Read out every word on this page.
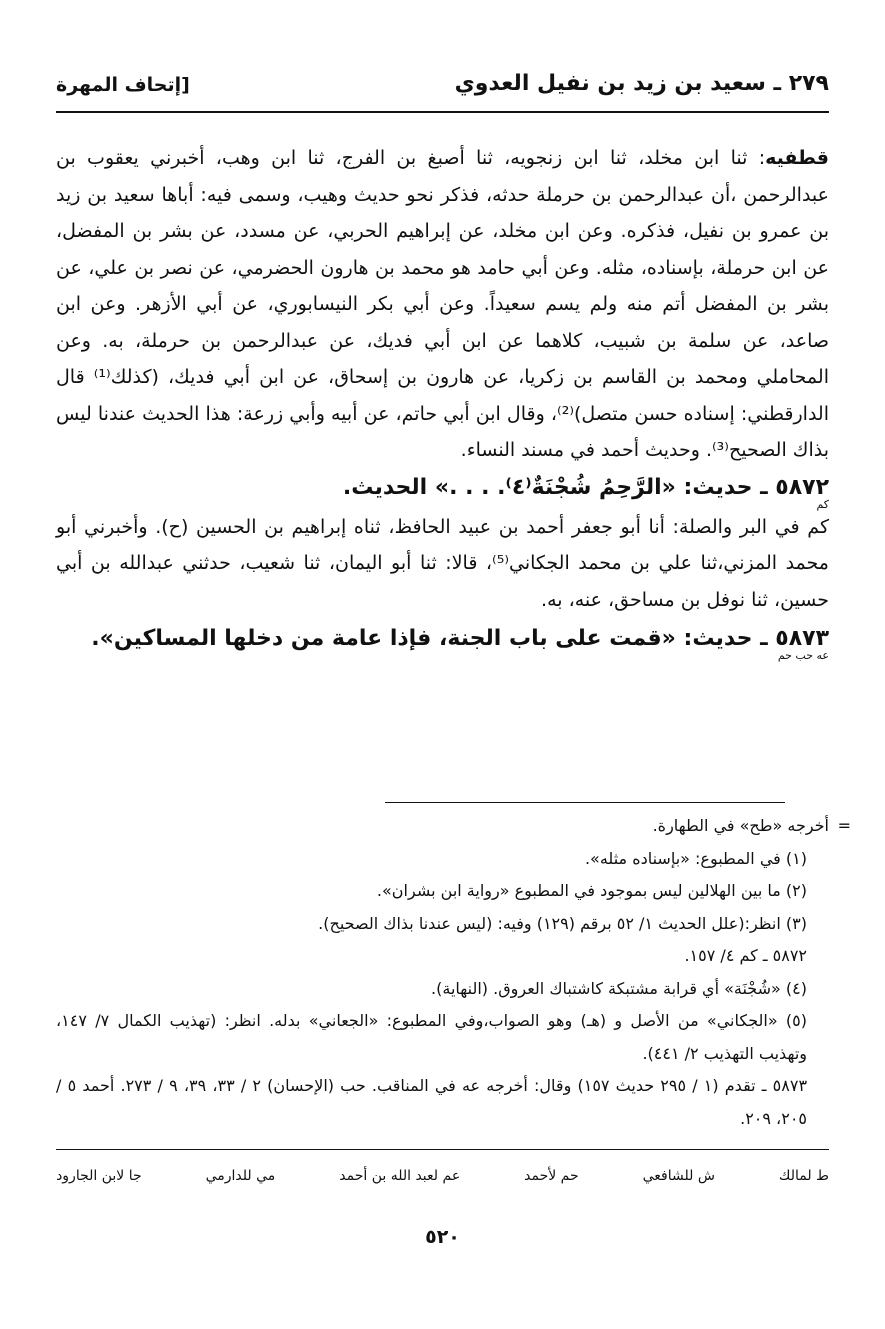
٢٧٩ ـ سعيد بن زيد بن نفيل العدوي
[إتحاف المهرة

قطفيه: ثنا ابن مخلد، ثنا ابن زنجويه، ثنا أصبغ بن الفرج، ثنا ابن وهب، أخبرني يعقوب بن عبدالرحمن ،أن عبدالرحمن بن حرملة حدثه، فذكر نحو حديث وهيب، وسمى فيه: أباها سعيد بن زيد بن عمرو بن نفيل، فذكره. وعن ابن مخلد، عن إبراهيم الحربي، عن مسدد، عن بشر بن المفضل، عن ابن حرملة، بإسناده، مثله. وعن أبي حامد هو محمد بن هارون الحضرمي، عن نصر بن علي، عن بشر بن المفضل أتم منه ولم يسم سعيداً. وعن أبي بكر النيسابوري، عن أبي الأزهر. وعن ابن صاعد، عن سلمة بن شبيب، كلاهما عن ابن أبي فديك، عن عبدالرحمن بن حرملة، به. وعن المحاملي ومحمد بن القاسم بن زكريا، عن هارون بن إسحاق، عن ابن أبي فديك، (كذلك⁽¹⁾ قال الدارقطني: إسناده حسن متصل)⁽²⁾، وقال ابن أبي حاتم، عن أبيه وأبي زرعة: هذا الحديث عندنا ليس بذاك الصحيح⁽³⁾. وحديث أحمد في مسند النساء.

٥٨٧٢ ـ حديث: «الرَّحِمُ شُجْنَةٌ⁽٤⁾. . . .» الحديث.
كم

كم في البر والصلة: أنا أبو جعفر أحمد بن عبيد الحافظ، ثناه إبراهيم بن الحسين (ح). وأخبرني أبو محمد المزني،ثنا علي بن محمد الجكاني⁽⁵⁾، قالا: ثنا أبو اليمان، ثنا شعيب، حدثني عبدالله بن أبي حسين، ثنا نوفل بن مساحق، عنه، به.

٥٨٧٣ ـ حديث: «قمت على باب الجنة، فإذا عامة من دخلها المساكين».
عه حب حم

=
أخرجه «طح» في الطهارة.

(١) في المطبوع: «بإسناده مثله».

(٢) ما بين الهلالين ليس بموجود في المطبوع «رواية ابن بشران».

(٣) انظر:(علل الحديث ١/ ٥٢ برقم (١٢٩) وفيه: (ليس عندنا بذاك الصحيح).

٥٨٧٢ ـ كم ٤/ ١٥٧.

(٤) «شُجْنَة» أي قرابة مشتبكة كاشتباك العروق. (النهاية).

(٥) «الجكاني» من الأصل و (هـ) وهو الصواب،وفي المطبوع: «الجعاني» بدله. انظر: (تهذيب الكمال ٧/ ١٤٧، وتهذيب التهذيب ٢/ ٤٤١).

٥٨٧٣ ـ تقدم (١ / ٢٩٥ حديث ١٥٧) وقال: أخرجه عه في المناقب. حب (الإحسان) ٢ / ٣٣، ٣٩، ٩ / ٢٧٣. أحمد ٥ / ٢٠٥، ٢٠٩.

ط لمالك
ش للشافعي
حم لأحمد
عم لعبد الله بن أحمد
مي للدارمي
جا لابن الجارود
٥٢٠
